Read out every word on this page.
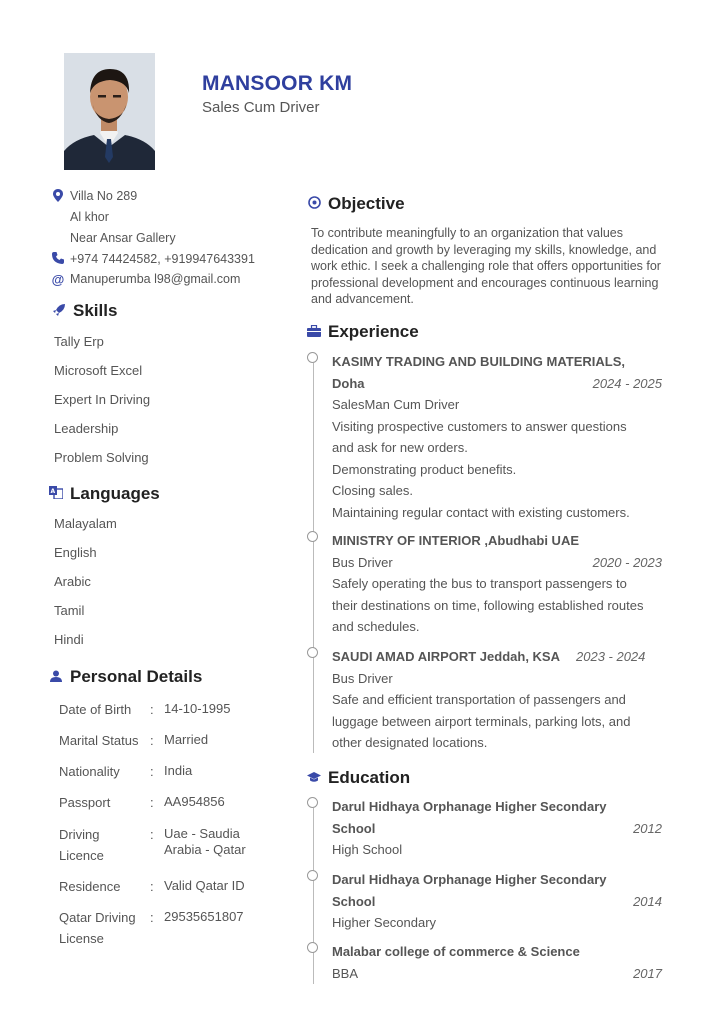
MANSOOR KM
Sales Cum Driver
Villa No 289
Al khor
Near Ansar Gallery
+974 74424582, +919947643391
@ Manuperumba l98@gmail.com
Skills
Tally Erp
Microsoft Excel
Expert In Driving
Leadership
Problem Solving
A Languages
Malayalam
English
Arabic
Tamil
Hindi
Personal Details
Date of Birth	: 14-10-1995
Marital Status : Married
Nationality	: India
Passport	: AA954856
Driving Licence
: Uae - Saudia Arabia - Qatar
Residence	: Valid Qatar ID
Qatar Driving License
: 29535651807
Objective
To contribute meaningfully to an organization that values dedication and growth by leveraging my skills, knowledge, and work ethic. I seek a challenging role that offers opportunities for professional development and encourages continuous learning and advancement.
Experience
KASIMY TRADING AND BUILDING MATERIALS,
Doha	2024 - 2025
SalesMan Cum Driver
Visiting prospective customers to answer questions
and ask for new orders.
Demonstrating product benefits.
Closing sales.
Maintaining regular contact with existing customers.
MINISTRY OF INTERIOR ,Abudhabi UAE
Bus Driver	2020 - 2023
Safely operating the bus to transport passengers to
their destinations on time, following established routes
and schedules.
SAUDI AMAD AIRPORT Jeddah, KSA 2023 - 2024
Bus Driver
Safe and efficient transportation of passengers and
luggage between airport terminals, parking lots, and
other designated locations.
Education
Darul Hidhaya Orphanage Higher Secondary
School	2012
High School
Darul Hidhaya Orphanage Higher Secondary
School	2014
Higher Secondary
Malabar college of commerce & Science
BBA	2017
